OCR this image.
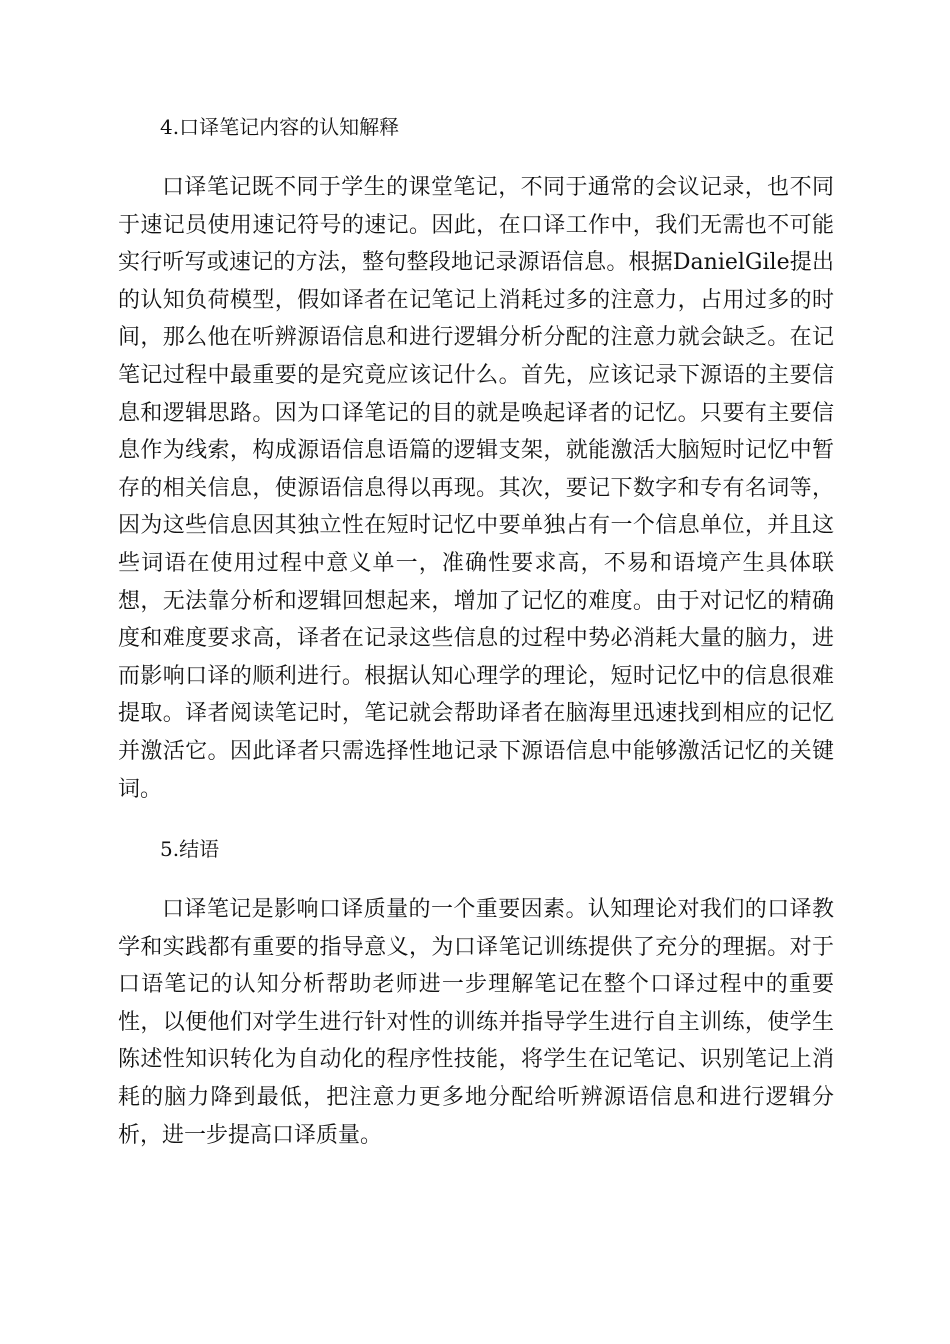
4.口译笔记内容的认知解释

口译笔记既不同于学生的课堂笔记，不同于通常的会议记录，也不同于速记员使用速记符号的速记。因此，在口译工作中，我们无需也不可能实行听写或速记的方法，整句整段地记录源语信息。根据DanielGile提出的认知负荷模型，假如译者在记笔记上消耗过多的注意力，占用过多的时间，那么他在听辨源语信息和进行逻辑分析分配的注意力就会缺乏。在记笔记过程中最重要的是究竟应该记什么。首先，应该记录下源语的主要信息和逻辑思路。因为口译笔记的目的就是唤起译者的记忆。只要有主要信息作为线索，构成源语信息语篇的逻辑支架，就能激活大脑短时记忆中暂存的相关信息，使源语信息得以再现。其次，要记下数字和专有名词等，因为这些信息因其独立性在短时记忆中要单独占有一个信息单位，并且这些词语在使用过程中意义单一，准确性要求高，不易和语境产生具体联想，无法靠分析和逻辑回想起来，增加了记忆的难度。由于对记忆的精确度和难度要求高，译者在记录这些信息的过程中势必消耗大量的脑力，进而影响口译的顺利进行。根据认知心理学的理论，短时记忆中的信息很难提取。译者阅读笔记时，笔记就会帮助译者在脑海里迅速找到相应的记忆并激活它。因此译者只需选择性地记录下源语信息中能够激活记忆的关键词。

5.结语

口译笔记是影响口译质量的一个重要因素。认知理论对我们的口译教学和实践都有重要的指导意义，为口译笔记训练提供了充分的理据。对于口语笔记的认知分析帮助老师进一步理解笔记在整个口译过程中的重要性，以便他们对学生进行针对性的训练并指导学生进行自主训练，使学生陈述性知识转化为自动化的程序性技能，将学生在记笔记、识别笔记上消耗的脑力降到最低，把注意力更多地分配给听辨源语信息和进行逻辑分析，进一步提高口译质量。
